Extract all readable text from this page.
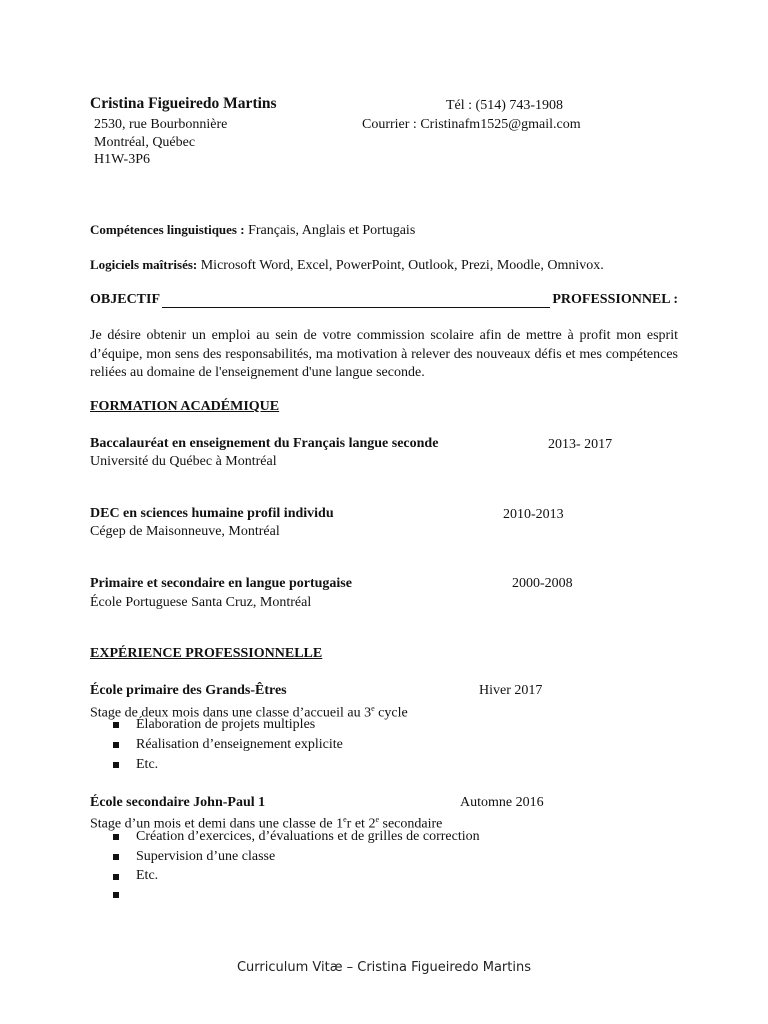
Cristina Figueiredo Martins
2530, rue Bourbonnière
Montréal, Québec
H1W-3P6
Tél : (514) 743-1908
Courrier : Cristinafm1525@gmail.com
Compétences linguistiques : Français, Anglais et Portugais
Logiciels maîtrisés: Microsoft Word, Excel, PowerPoint, Outlook, Prezi, Moodle, Omnivox.
OBJECTIF	PROFESSIONNEL :
Je désire obtenir un emploi au sein de votre commission scolaire afin de mettre à profit mon esprit d’équipe, mon sens des responsabilités, ma motivation à relever des nouveaux défis et mes compétences reliées au domaine de l'enseignement d'une langue seconde.
FORMATION ACADÉMIQUE
Baccalauréat en enseignement du Français langue seconde	2013- 2017
Université du Québec à Montréal
DEC en sciences humaine profil individu	2010-2013
Cégep de Maisonneuve, Montréal
Primaire et secondaire en langue portugaise	2000-2008
École Portuguese Santa Cruz, Montréal
EXPÉRIENCE PROFESSIONNELLE
École primaire des Grands-Êtres	Hiver 2017
Stage de deux mois dans une classe d’accueil au 3e cycle
Élaboration de projets multiples
Réalisation d’enseignement explicite
Etc.
École secondaire John-Paul 1	Automne 2016
Stage d’un mois et demi dans une classe de 1er et 2e secondaire
Création d’exercices, d’évaluations et de grilles de correction
Supervision d’une classe
Etc.
Curriculum Vitæ – Cristina Figueiredo Martins
